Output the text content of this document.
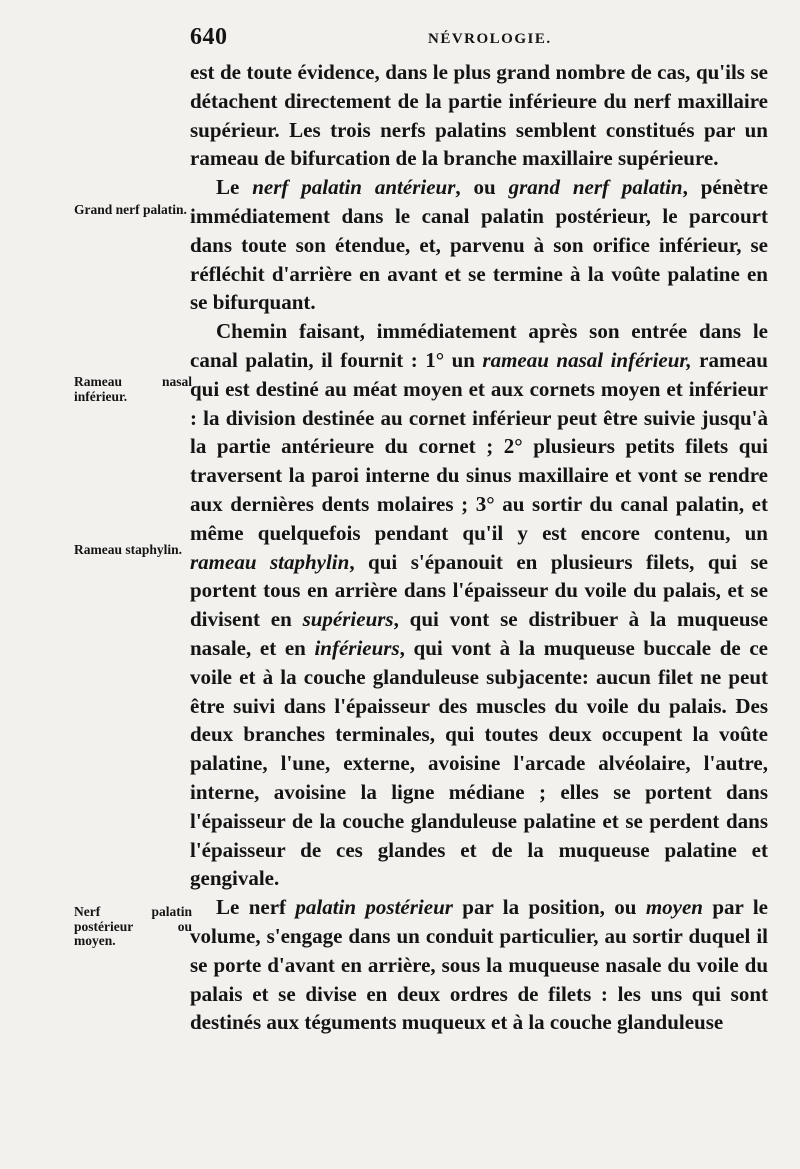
640	NÉVROLOGIE.
Grand nerf palatin.
Rameau nasal inférieur.
Rameau staphylin.
Nerf palatin postérieur ou moyen.

est de toute évidence, dans le plus grand nombre de cas, qu'ils se détachent directement de la partie inférieure du nerf maxillaire supérieur. Les trois nerfs palatins semblent constitués par un rameau de bifurcation de la branche maxillaire supérieure.

Le nerf palatin antérieur, ou grand nerf palatin, pénètre immédiatement dans le canal palatin postérieur, le parcourt dans toute son étendue, et, parvenu à son orifice inférieur, se réfléchit d'arrière en avant et se termine à la voûte palatine en se bifurquant.

Chemin faisant, immédiatement après son entrée dans le canal palatin, il fournit : 1° un rameau nasal inférieur, rameau qui est destiné au méat moyen et aux cornets moyen et inférieur : la division destinée au cornet inférieur peut être suivie jusqu'à la partie antérieure du cornet ; 2° plusieurs petits filets qui traversent la paroi interne du sinus maxillaire et vont se rendre aux dernières dents molaires ; 3° au sortir du canal palatin, et même quelquefois pendant qu'il y est encore contenu, un rameau staphylin, qui s'épanouit en plusieurs filets, qui se portent tous en arrière dans l'épaisseur du voile du palais, et se divisent en supérieurs, qui vont se distribuer à la muqueuse nasale, et en inférieurs, qui vont à la muqueuse buccale de ce voile et à la couche glanduleuse subjacente: aucun filet ne peut être suivi dans l'épaisseur des muscles du voile du palais. Des deux branches terminales, qui toutes deux occupent la voûte palatine, l'une, externe, avoisine l'arcade alvéolaire, l'autre, interne, avoisine la ligne médiane ; elles se portent dans l'épaisseur de la couche glanduleuse palatine et se perdent dans l'épaisseur de ces glandes et de la muqueuse palatine et gengivale.

Le nerf palatin postérieur par la position, ou moyen par le volume, s'engage dans un conduit particulier, au sortir duquel il se porte d'avant en arrière, sous la muqueuse nasale du voile du palais et se divise en deux ordres de filets : les uns qui sont destinés aux téguments muqueux et à la couche glanduleuse
